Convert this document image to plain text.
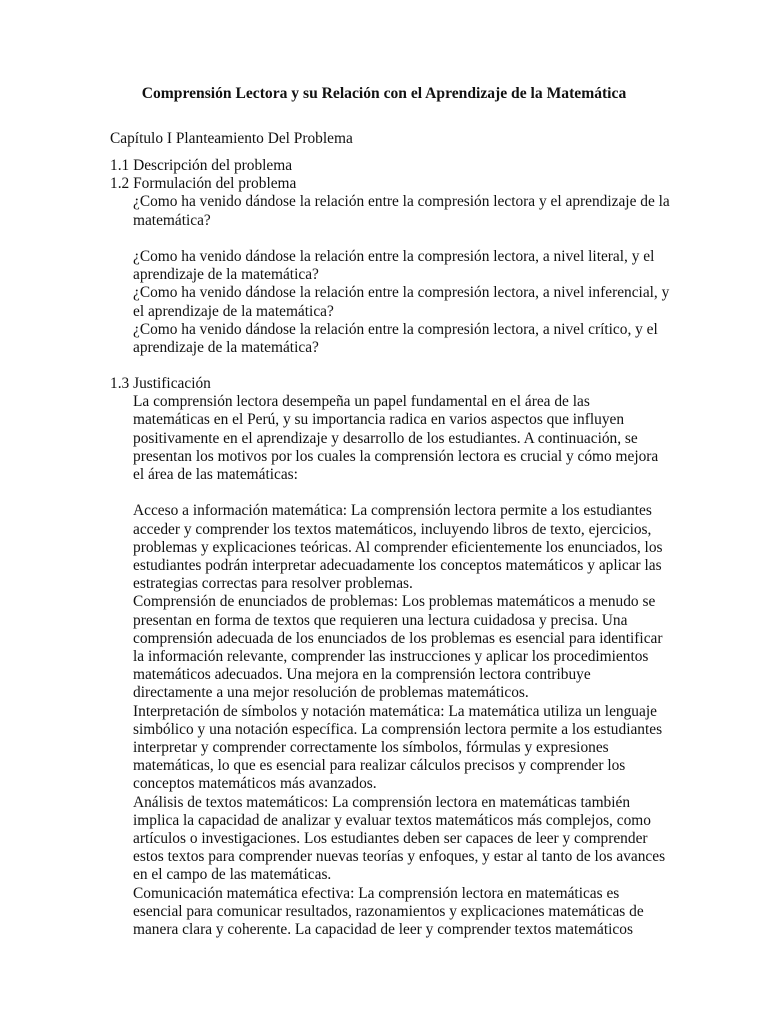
Comprensión Lectora y su Relación con el Aprendizaje de la Matemática
Capítulo I Planteamiento Del Problema

1.1 Descripción del problema

1.2 Formulación del problema

¿Como ha venido dándose la relación entre la compresión lectora y el aprendizaje de la matemática?

¿Como ha venido dándose la relación entre la compresión lectora, a nivel literal, y el aprendizaje de la matemática?

¿Como ha venido dándose la relación entre la compresión lectora, a nivel inferencial, y el aprendizaje de la matemática?

¿Como ha venido dándose la relación entre la compresión lectora, a nivel crítico, y el aprendizaje de la matemática?

1.3 Justificación

La comprensión lectora desempeña un papel fundamental en el área de las matemáticas en el Perú, y su importancia radica en varios aspectos que influyen positivamente en el aprendizaje y desarrollo de los estudiantes. A continuación, se presentan los motivos por los cuales la comprensión lectora es crucial y cómo mejora el área de las matemáticas:

Acceso a información matemática: La comprensión lectora permite a los estudiantes acceder y comprender los textos matemáticos, incluyendo libros de texto, ejercicios, problemas y explicaciones teóricas. Al comprender eficientemente los enunciados, los estudiantes podrán interpretar adecuadamente los conceptos matemáticos y aplicar las estrategias correctas para resolver problemas.

Comprensión de enunciados de problemas: Los problemas matemáticos a menudo se presentan en forma de textos que requieren una lectura cuidadosa y precisa. Una comprensión adecuada de los enunciados de los problemas es esencial para identificar la información relevante, comprender las instrucciones y aplicar los procedimientos matemáticos adecuados. Una mejora en la comprensión lectora contribuye directamente a una mejor resolución de problemas matemáticos.

Interpretación de símbolos y notación matemática: La matemática utiliza un lenguaje simbólico y una notación específica. La comprensión lectora permite a los estudiantes interpretar y comprender correctamente los símbolos, fórmulas y expresiones matemáticas, lo que es esencial para realizar cálculos precisos y comprender los conceptos matemáticos más avanzados.

Análisis de textos matemáticos: La comprensión lectora en matemáticas también implica la capacidad de analizar y evaluar textos matemáticos más complejos, como artículos o investigaciones. Los estudiantes deben ser capaces de leer y comprender estos textos para comprender nuevas teorías y enfoques, y estar al tanto de los avances en el campo de las matemáticas.

Comunicación matemática efectiva: La comprensión lectora en matemáticas es esencial para comunicar resultados, razonamientos y explicaciones matemáticas de manera clara y coherente. La capacidad de leer y comprender textos matemáticos
